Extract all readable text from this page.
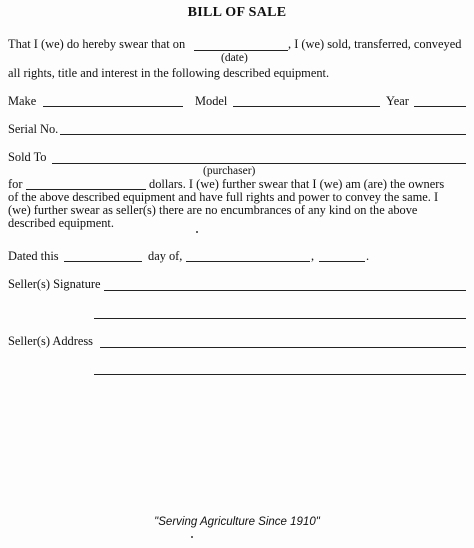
BILL OF SALE
That I (we) do hereby swear that on	, I (we) sold, transferred, conveyed
(date)
all rights, title and interest in the following described equipment.
Make	Model	Year
Serial No.
Sold To
(purchaser)
for	dollars. I (we) further swear that I (we) am (are) the owners
of the above described equipment and have full rights and power to convey the same. I
(we) further swear as seller(s) there are no encumbrances of any kind on the above
described equipment.
Dated this	day of,	,	.
Seller(s) Signature
Seller(s) Address
"Serving Agriculture Since 1910"
